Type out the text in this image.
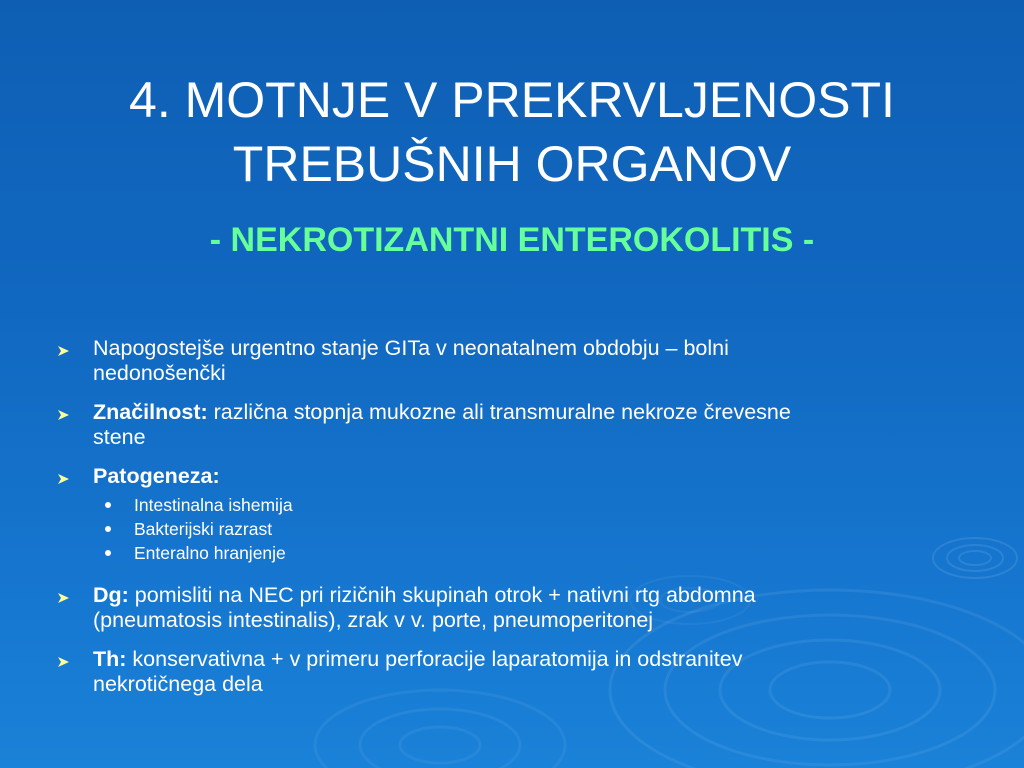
4. MOTNJE V PREKRVLJENOSTI
TREBUŠNIH ORGANOV
- NEKROTIZANTNI ENTEROKOLITIS -
Napogostejše urgentno stanje GITa v neonatalnem obdobju – bolni
nedonošenčki
Značilnost: različna stopnja mukozne ali transmuralne nekroze črevesne
stene
Patogeneza:
Intestinalna ishemija
Bakterijski razrast
Enteralno hranjenje
Dg: pomisliti na NEC pri rizičnih skupinah otrok + nativni rtg abdomna
(pneumatosis intestinalis), zrak v v. porte, pneumoperitonej
Th: konservativna + v primeru perforacije laparatomija in odstranitev
nekrotičnega dela
